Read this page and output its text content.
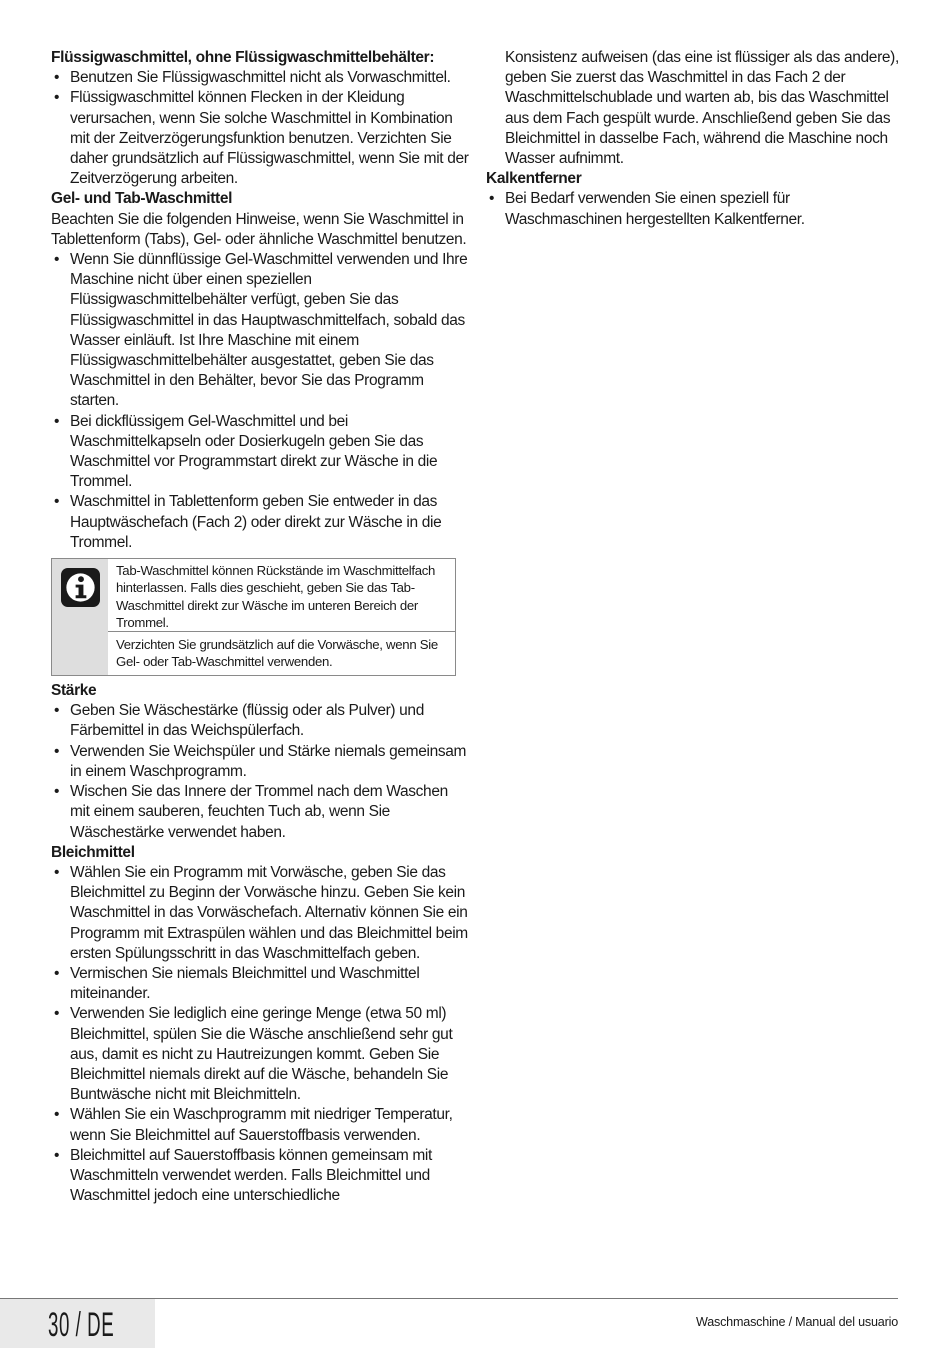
Flüssigwaschmittel, ohne Flüssigwaschmittelbehälter:

• Benutzen Sie Flüssigwaschmittel nicht als Vorwaschmittel.
• Flüssigwaschmittel können Flecken in der Kleidung verursachen, wenn Sie solche Waschmittel in Kombination mit der Zeitverzögerungsfunktion benutzen. Verzichten Sie daher grundsätzlich auf Flüssigwaschmittel, wenn Sie mit der Zeitverzögerung arbeiten.

Gel- und Tab-Waschmittel

Beachten Sie die folgenden Hinweise, wenn Sie Waschmittel in Tablettenform (Tabs), Gel- oder ähnliche Waschmittel benutzen.

• Wenn Sie dünnflüssige Gel-Waschmittel verwenden und Ihre Maschine nicht über einen speziellen Flüssigwaschmittelbehälter verfügt, geben Sie das Flüssigwaschmittel in das Hauptwaschmittelfach, sobald das Wasser einläuft. Ist Ihre Maschine mit einem Flüssigwaschmittelbehälter ausgestattet, geben Sie das Waschmittel in den Behälter, bevor Sie das Programm starten.
• Bei dickflüssigem Gel-Waschmittel und bei Waschmittelkapseln oder Dosierkugeln geben Sie das Waschmittel vor Programmstart direkt zur Wäsche in die Trommel.
• Waschmittel in Tablettenform geben Sie entweder in das Hauptwäschefach (Fach 2) oder direkt zur Wäsche in die Trommel.
Tab-Waschmittel können Rückstände im Waschmittelfach hinterlassen. Falls dies geschieht, geben Sie das Tab-Waschmittel direkt zur Wäsche im unteren Bereich der Trommel.
Verzichten Sie grundsätzlich auf die Vorwäsche, wenn Sie Gel- oder Tab-Waschmittel verwenden.

Stärke

• Geben Sie Wäschestärke (flüssig oder als Pulver) und Färbemittel in das Weichspülerfach.
• Verwenden Sie Weichspüler und Stärke niemals gemeinsam in einem Waschprogramm.
• Wischen Sie das Innere der Trommel nach dem Waschen mit einem sauberen, feuchten Tuch ab, wenn Sie Wäschestärke verwendet haben.

Bleichmittel

• Wählen Sie ein Programm mit Vorwäsche, geben Sie das Bleichmittel zu Beginn der Vorwäsche hinzu. Geben Sie kein Waschmittel in das Vorwäschefach. Alternativ können Sie ein Programm mit Extraspülen wählen und das Bleichmittel beim ersten Spülungsschritt in das Waschmittelfach geben.
• Vermischen Sie niemals Bleichmittel und Waschmittel miteinander.
• Verwenden Sie lediglich eine geringe Menge (etwa 50 ml) Bleichmittel, spülen Sie die Wäsche anschließend sehr gut aus, damit es nicht zu Hautreizungen kommt. Geben Sie Bleichmittel niemals direkt auf die Wäsche, behandeln Sie Buntwäsche nicht mit Bleichmitteln.
• Wählen Sie ein Waschprogramm mit niedriger Temperatur, wenn Sie Bleichmittel auf Sauerstoffbasis verwenden.
• Bleichmittel auf Sauerstoffbasis können gemeinsam mit Waschmitteln verwendet werden. Falls Bleichmittel und Waschmittel jedoch eine unterschiedliche

Konsistenz aufweisen (das eine ist flüssiger als das andere), geben Sie zuerst das Waschmittel in das Fach 2 der Waschmittelschublade und warten ab, bis das Waschmittel aus dem Fach gespült wurde. Anschließend geben Sie das Bleichmittel in dasselbe Fach, während die Maschine noch Wasser aufnimmt.

Kalkentferner

• Bei Bedarf verwenden Sie einen speziell für Waschmaschinen hergestellten Kalkentferner.
30 / DE	Waschmaschine / Manual del usuario
